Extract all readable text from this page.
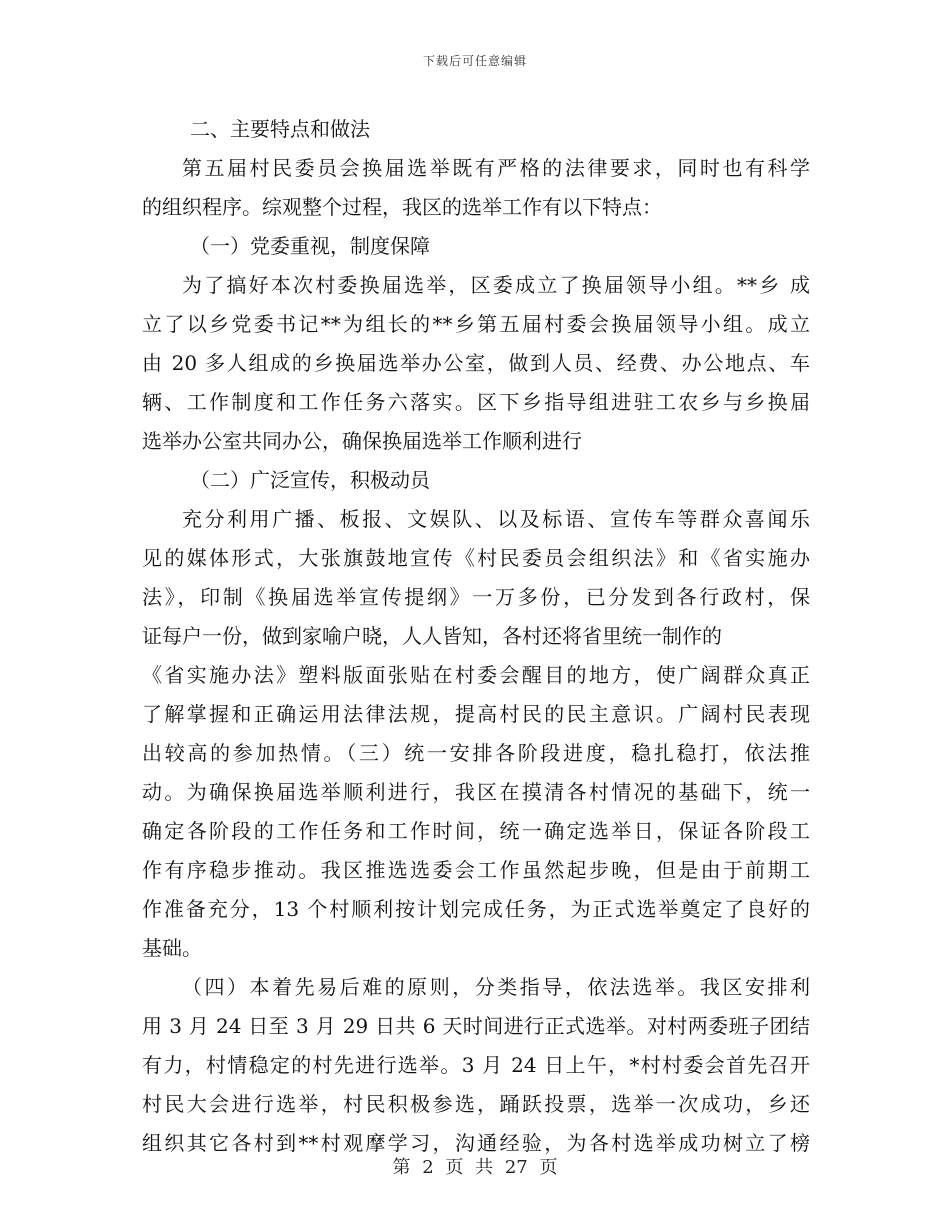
下载后可任意编辑
二、主要特点和做法
第五届村民委员会换届选举既有严格的法律要求，同时也有科学
的组织程序。综观整个过程，我区的选举工作有以下特点：
（一）党委重视，制度保障
为了搞好本次村委换届选举，区委成立了换届领导小组。**乡 成
立了以乡党委书记**为组长的**乡第五届村委会换届领导小组。成立
由 20 多人组成的乡换届选举办公室，做到人员、经费、办公地点、车
辆、工作制度和工作任务六落实。区下乡指导组进驻工农乡与乡换届
选举办公室共同办公，确保换届选举工作顺利进行
（二）广泛宣传，积极动员
充分利用广播、板报、文娱队、以及标语、宣传车等群众喜闻乐
见的媒体形式，大张旗鼓地宣传《村民委员会组织法》和《省实施办
法》，印制《换届选举宣传提纲》一万多份，已分发到各行政村，保
证每户一份，做到家喻户晓，人人皆知，各村还将省里统一制作的
《省实施办法》塑料版面张贴在村委会醒目的地方，使广阔群众真正
了解掌握和正确运用法律法规，提高村民的民主意识。广阔村民表现
出较高的参加热情。（三）统一安排各阶段进度，稳扎稳打，依法推
动。为确保换届选举顺利进行，我区在摸清各村情况的基础下，统一
确定各阶段的工作任务和工作时间，统一确定选举日，保证各阶段工
作有序稳步推动。我区推选选委会工作虽然起步晚，但是由于前期工
作准备充分，13 个村顺利按计划完成任务，为正式选举奠定了良好的
基础。
（四）本着先易后难的原则，分类指导，依法选举。我区安排利
用 3 月 24 日至 3 月 29 日共 6 天时间进行正式选举。对村两委班子团结
有力，村情稳定的村先进行选举。3 月 24 日上午，*村村委会首先召开
村民大会进行选举，村民积极参选，踊跃投票，选举一次成功，乡还
组织其它各村到**村观摩学习，沟通经验，为各村选举成功树立了榜
第 2 页 共 27 页
